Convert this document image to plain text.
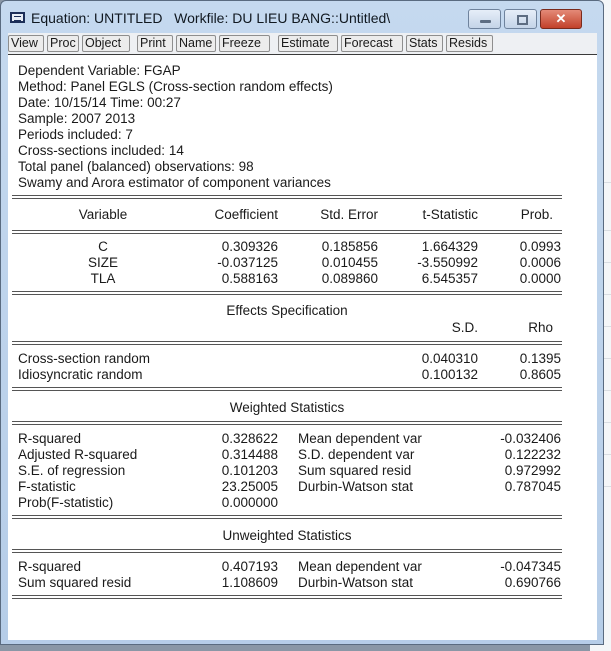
Equation: UNTITLED   Workfile: DU LIEU BANG::Untitled\	✕
View Proc Object	Print	Name Freeze	Estimate	Forecast	Stats Resids
Dependent Variable: FGAP
Method: Panel EGLS (Cross-section random effects)
Date: 10/15/14 Time: 00:27
Sample: 2007 2013
Periods included: 7
Cross-sections included: 14
Total panel (balanced) observations: 98
Swamy and Arora estimator of component variances
Variable	Coefficient	Std. Error	t-Statistic	Prob.
C	0.309326	0.185856	1.664329	0.0993
SIZE	-0.037125	0.010455	-3.550992	0.0006
TLA	0.588163	0.089860	6.545357	0.0000
Effects Specification
S.D.	Rho
Cross-section random	0.040310	0.1395
Idiosyncratic random	0.100132	0.8605
Weighted Statistics
R-squared	0.328622 Mean dependent var	-0.032406
Adjusted R-squared	0.314488 S.D. dependent var	0.122232
S.E. of regression	0.101203 Sum squared resid	0.972992
F-statistic	23.25005 Durbin-Watson stat	0.787045
Prob(F-statistic)	0.000000
Unweighted Statistics
R-squared	0.407193 Mean dependent var	-0.047345
Sum squared resid	1.108609 Durbin-Watson stat	0.690766
